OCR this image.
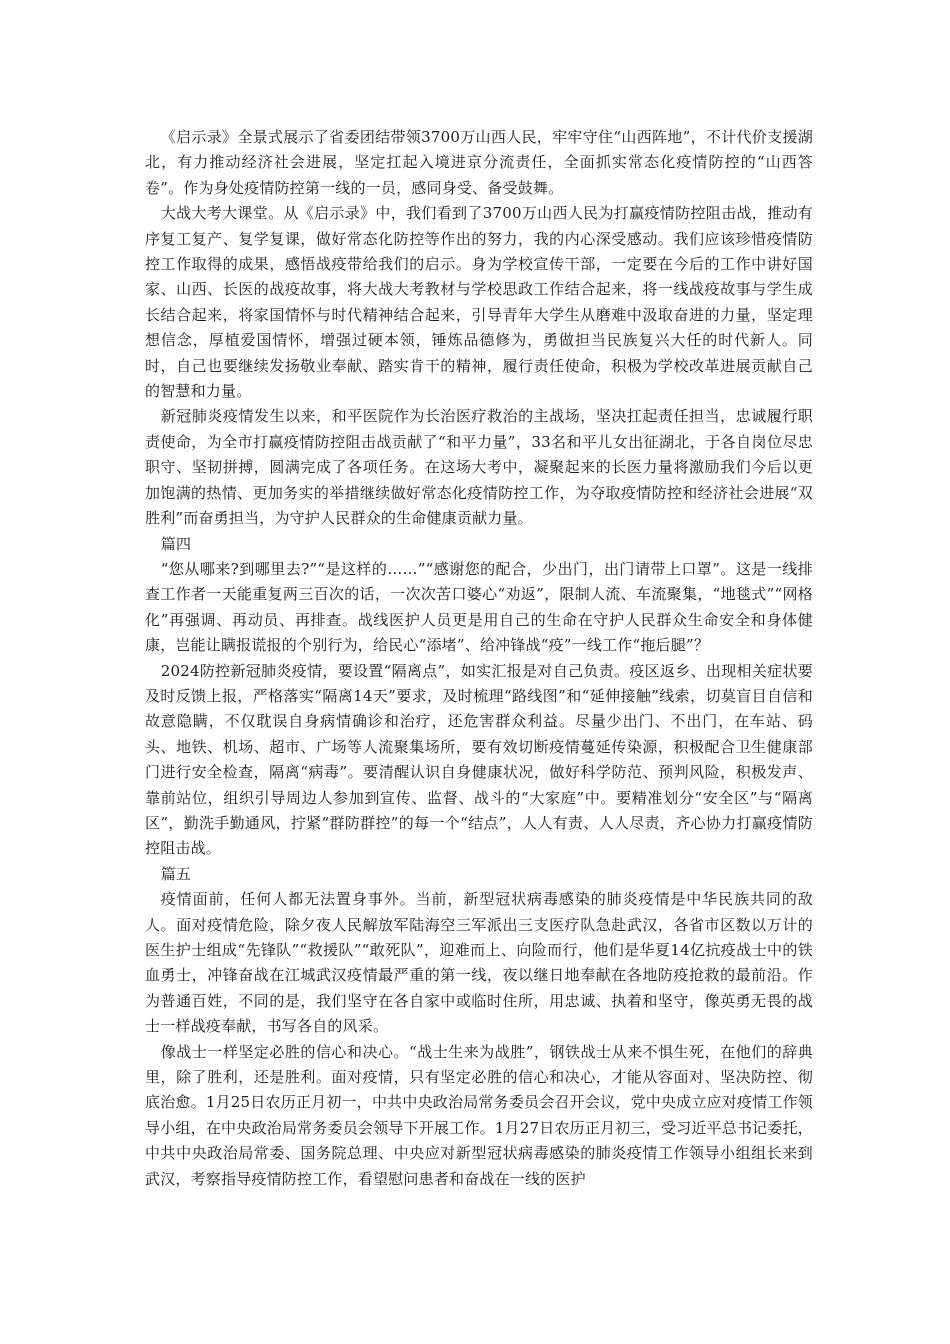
《启示录》全景式展示了省委团结带领3700万山西人民，牢牢守住“山西阵地”，不计代价支援湖北，有力推动经济社会进展，坚定扛起入境进京分流责任，全面抓实常态化疫情防控的“山西答卷”。作为身处疫情防控第一线的一员，感同身受、备受鼓舞。

大战大考大课堂。从《启示录》中，我们看到了3700万山西人民为打赢疫情防控阻击战，推动有序复工复产、复学复课，做好常态化防控等作出的努力，我的内心深受感动。我们应该珍惜疫情防控工作取得的成果，感悟战疫带给我们的启示。身为学校宣传干部，一定要在今后的工作中讲好国家、山西、长医的战疫故事，将大战大考教材与学校思政工作结合起来，将一线战疫故事与学生成长结合起来，将家国情怀与时代精神结合起来，引导青年大学生从磨难中汲取奋进的力量，坚定理想信念，厚植爱国情怀，增强过硬本领，锤炼品德修为，勇做担当民族复兴大任的时代新人。同时，自己也要继续发扬敬业奉献、踏实肯干的精神，履行责任使命，积极为学校改革进展贡献自己的智慧和力量。

新冠肺炎疫情发生以来，和平医院作为长治医疗救治的主战场，坚决扛起责任担当，忠诚履行职责使命，为全市打赢疫情防控阻击战贡献了“和平力量”，33名和平儿女出征湖北，于各自岗位尽忠职守、坚韧拼搏，圆满完成了各项任务。在这场大考中，凝聚起来的长医力量将激励我们今后以更加饱满的热情、更加务实的举措继续做好常态化疫情防控工作，为夺取疫情防控和经济社会进展“双胜利”而奋勇担当，为守护人民群众的生命健康贡献力量。

篇四

“您从哪来?到哪里去?”“是这样的……”“感谢您的配合，少出门，出门请带上口罩”。这是一线排查工作者一天能重复两三百次的话，一次次苦口婆心“劝返”，限制人流、车流聚集，“地毯式”“网格化”再强调、再动员、再排查。战线医护人员更是用自己的生命在守护人民群众生命安全和身体健康，岂能让瞒报谎报的个别行为，给民心“添堵”、给冲锋战“疫”一线工作“拖后腿”？

2024防控新冠肺炎疫情，要设置“隔离点”，如实汇报是对自己负责。疫区返乡、出现相关症状要及时反馈上报，严格落实“隔离14天”要求，及时梳理“路线图”和“延伸接触”线索，切莫盲目自信和故意隐瞒，不仅耽误自身病情确诊和治疗，还危害群众利益。尽量少出门、不出门，在车站、码头、地铁、机场、超市、广场等人流聚集场所，要有效切断疫情蔓延传染源，积极配合卫生健康部门进行安全检查，隔离“病毒”。要清醒认识自身健康状况，做好科学防范、预判风险，积极发声、靠前站位，组织引导周边人参加到宣传、监督、战斗的“大家庭”中。要精准划分“安全区”与“隔离区”，勤洗手勤通风，拧紧“群防群控”的每一个“结点”，人人有责、人人尽责，齐心协力打赢疫情防控阻击战。

篇五

疫情面前，任何人都无法置身事外。当前，新型冠状病毒感染的肺炎疫情是中华民族共同的敌人。面对疫情危险，除夕夜人民解放军陆海空三军派出三支医疗队急赴武汉，各省市区数以万计的医生护士组成“先锋队”“救援队”“敢死队”，迎难而上、向险而行，他们是华夏14亿抗疫战士中的铁血勇士，冲锋奋战在江城武汉疫情最严重的第一线，夜以继日地奉献在各地防疫抢救的最前沿。作为普通百姓，不同的是，我们坚守在各自家中或临时住所，用忠诚、执着和坚守，像英勇无畏的战士一样战疫奉献，书写各自的风采。

像战士一样坚定必胜的信心和决心。“战士生来为战胜”，钢铁战士从来不惧生死，在他们的辞典里，除了胜利，还是胜利。面对疫情，只有坚定必胜的信心和决心，才能从容面对、坚决防控、彻底治愈。1月25日农历正月初一，中共中央政治局常务委员会召开会议，党中央成立应对疫情工作领导小组，在中央政治局常务委员会领导下开展工作。1月27日农历正月初三，受习近平总书记委托，中共中央政治局常委、国务院总理、中央应对新型冠状病毒感染的肺炎疫情工作领导小组组长来到武汉，考察指导疫情防控工作，看望慰问患者和奋战在一线的医护
